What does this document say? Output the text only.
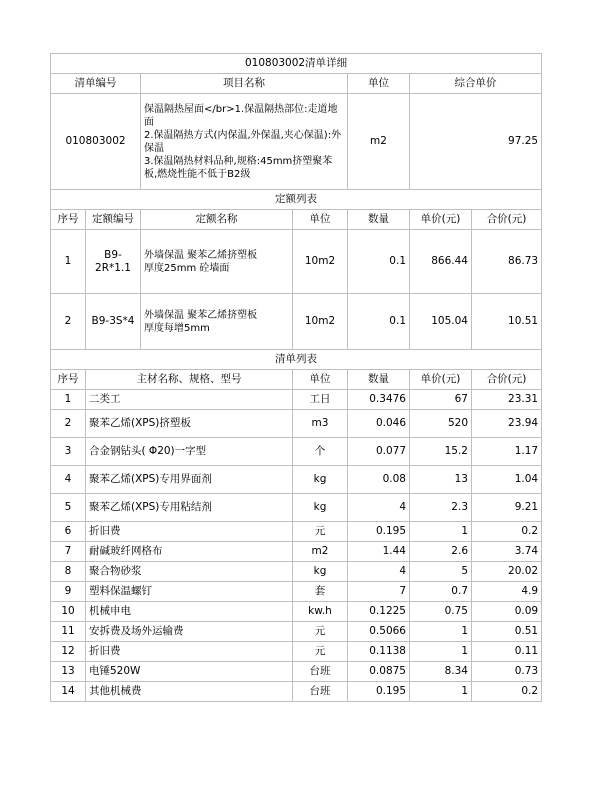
010803002清单详细						
清单编号		项目名称		单位	综合单价	
010803002		保温隔热屋面</br>1.保温隔热部位:走道地面
2.保温隔热方式(内保温,外保温,夹心保温):外保温
3.保温隔热材料品种,规格:45mm挤塑聚苯板,燃烧性能不低于B2级		m2	97.25	
定额列表						
序号	定额编号	定额名称	单位	数量	单价(元)	合价(元)
1	B9-2R*1.1	外墙保温 聚苯乙烯挤塑板
厚度25mm 砼墙面	10m2	0.1	866.44	86.73
2	B9-3S*4	外墙保温 聚苯乙烯挤塑板
厚度每增5mm	10m2	0.1	105.04	10.51
清单列表						
序号	主材名称、规格、型号		单位	数量	单价(元)	合价(元)
1	二类工		工日	0.3476	67	23.31
2	聚苯乙烯(XPS)挤塑板		m3	0.046	520	23.94
3	合金钢钻头( Φ20)一字型		个	0.077	15.2	1.17
4	聚苯乙烯(XPS)专用界面剂		kg	0.08	13	1.04
5	聚苯乙烯(XPS)专用粘结剂		kg	4	2.3	9.21
6	折旧费		元	0.195	1	0.2
7	耐碱玻纤网格布		m2	1.44	2.6	3.74
8	聚合物砂浆		kg	4	5	20.02
9	塑料保温螺钉		套	7	0.7	4.9
10	机械申电		kw.h	0.1225	0.75	0.09
11	安拆费及场外运输费		元	0.5066	1	0.51
12	折旧费		元	0.1138	1	0.11
13	电锤520W		台班	0.0875	8.34	0.73
14	其他机械费		台班	0.195	1	0.2
